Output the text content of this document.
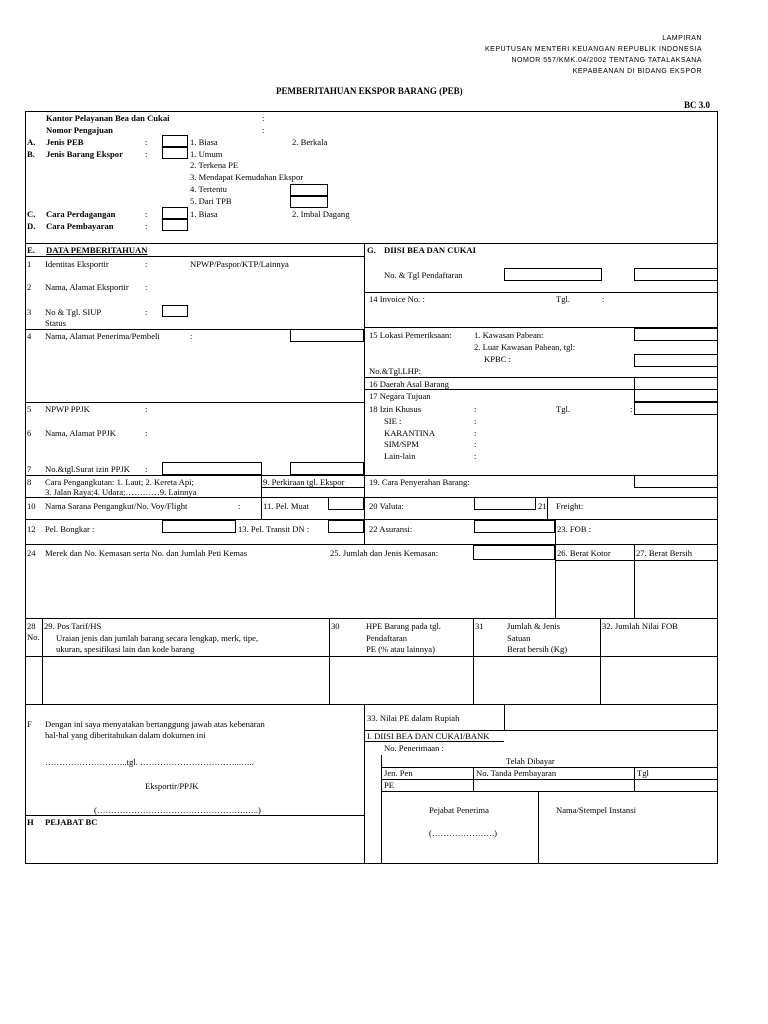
LAMPIRAN
KEPUTUSAN MENTERI KEUANGAN REPUBLIK INDONESIA
NOMOR 557/KMK.04/2002 TENTANG TATALAKSANA
KEPABEANAN DI BIDANG EKSPOR
PEMBERITAHUAN EKSPOR BARANG (PEB)
BC 3.0
Kantor Pelayanan Bea dan Cukai	:
Nomor Pengajuan	:
A. Jenis PEB	:	1. Biasa	2. Berkala
B. Jenis Barang Ekspor	:	1. Umum
2. Terkena PE
3. Mendapat Kemudahan Ekspor
4. Tertentu
5. Dari TPB
C. Cara Perdagangan	:	1. Biasa	2. Imbal Dagang
D. Cara Pembayaran	:
E. DATA PEMBERITAHUAN
1 Identitas Eksportir	:	NPWP/Paspor/KTP/Lainnya
2 Nama, Alamat Eksportir :
3 No & Tgl. SIUP	:
Status
4 Nama, Alamat Penerima/Pembeli	:
5 NPWP PPJK	:
6 Nama, Alamat PPJK	:
7 No.&tgl.Surat izin PPJK :
8 Cara Pengangkutan: 1. Laut; 2. Kereta Api;
3. Jalan Raya;4. Udara;…………9. Lainnya
9. Perkiraan tgl. Ekspor
10 Nama Sarana Pengangkut/No. Voy/Flight	:	11. Pel. Muat
12 Pel. Bongkar :	13. Pel. Transit DN :
G. DIISI BEA DAN CUKAI
No. & Tgl Pendaftaran
14 Invoice No. :	Tgl.	:
15 Lokasi Pemeriksaan:	1. Kawasan Pabean:
2. Luar Kawasan Pabean, tgl:
KPBC :
No.&Tgl.LHP:
16 Daerah Asal Barang
17 Negara Tujuan
18 Izin Khusus	:	Tgl.	:
SIE :	:
KARANTINA	:
SIM/SPM	:
Lain-lain	:
19. Cara Penyerahan Barang:
20 Valuta:	21 Freight:
22 Asuransi:	23. FOB :
24 Merek dan No. Kemasan serta No. dan Jumlah Peti Kemas	25. Jumlah dan Jenis Kemasan:	26. Berat Kotor	27. Berat Bersih
28
No.
29. Pos Tarif/HS
Uraian jenis dan jumlah barang secara lengkap, merk, tipe,
ukuran, spesifikasi lain dan kode barang
30	HPE Barang pada tgl.
Pendaftaran
PE (% atau lainnya)
31	Jumlah & Jenis
Satuan
Berat bersih (Kg)
32. Jumlah Nilai FOB
F Dengan ini saya menyatakan bertanggung jawab atas kebenaran
hal-hal yang diberitahukan dalam dokumen ini
………………………..tgl. ……………………………...…..
Eksportir/PPJK
(…………………………………………….…..)
H PEJABAT BC
33. Nilai PE dalam Rupiah
I. DIISI BEA DAN CUKAI/BANK
No. Penerimaan :
Telah Dibayar
Jen. Pen	No. Tanda Pembayaran	Tgl
PE
Pejabat Penerima	Nama/Stempel Instansi
(………………….)
